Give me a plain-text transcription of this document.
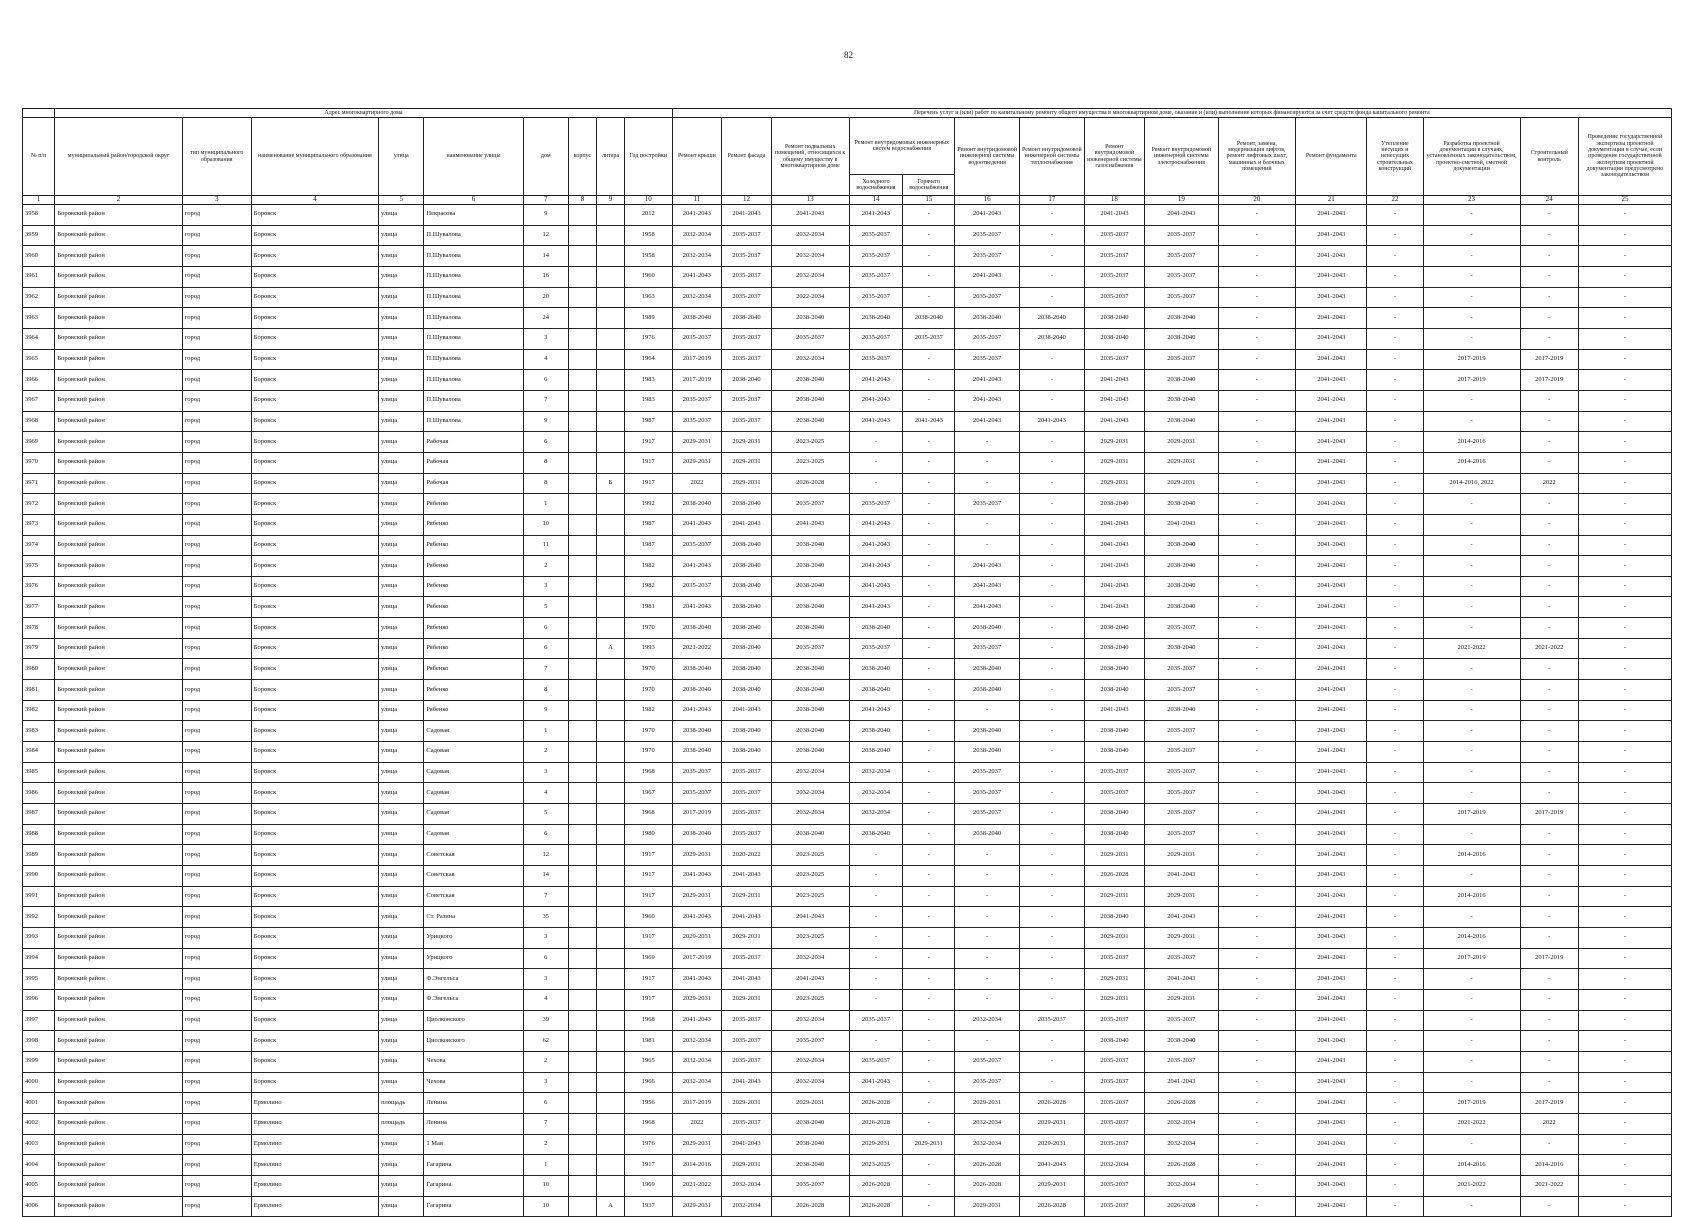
82
	Адрес многоквартирного дома									Перечень услуг и (или) работ по капитальному ремонту общего имущества в многоквартирном доме, оказание и (или) выполнение которых финансируются за счет средств фонда капитального ремонта														
№ п/п	муниципальный район/городской округ	тип муниципального образования	наименование муниципального образования	улица	наименование улицы	дом	корпус	литера	Год постройки	Ремонт крыши	Ремонт фасада	Ремонт подвальных помещений, относящихся к общему имуществу в многоквартирном доме	Ремонт внутридомовых инженерных систем водоснабжения		Ремонт внутридомовой инженерной системы водоотведения	Ремонт внутридомовой инженерной системы теплоснабжения	Ремонт внутридомовой инженерной системы газоснабжения	Ремонт внутридомовой инженерной системы электроснабжения	Ремонт, замена, модернизация лифтов, ремонт лифтовых шахт, машинных и блочных помещений	Ремонт фундамента	Утепление несущих и ненесущих строительных конструкций	Разработка проектной документации в случаях, установленных законодательством, проектно-сметной, сметной документации	Строительный контроль	Проведение государственной экспертизы проектной документации в случае, если проведение государственной экспертизы проектной документации предусмотрено законодательством
													Холодного водоснабжения	Горячего водоснабжения										
1	2	3	4	5	6	7	8	9	10	11	12	13	14	15	16	17	18	19	20	21	22	23	24	25
3958	Боровский район	город	Боровск	улица	Некрасова	9			2012	2041-2043	2041-2043	2041-2043	2041-2043	-	2041-2043	-	2041-2043	2041-2043	-	2041-2043	-	-	-	-
3959	Боровский район	город	Боровск	улица	П.Шувалова	12			1958	2032-2034	2035-2037	2032-2034	2035-2037	-	2035-2037	-	2035-2037	2035-2037	-	2041-2043	-	-	-	-
3960	Боровский район	город	Боровск	улица	П.Шувалова	14			1958	2032-2034	2035-2037	2032-2034	2035-2037	-	2035-2037	-	2035-2037	2035-2037	-	2041-2043	-	-	-	-
3961	Боровский район	город	Боровск	улица	П.Шувалова	16			1960	2041-2043	2035-2037	2032-2034	2035-2037	-	2041-2043	-	2035-2037	2035-2037	-	2041-2043	-	-	-	-
3962	Боровский район	город	Боровск	улица	П.Шувалова	20			1963	2032-2034	2035-2037	2022-2034	2035-2037	-	2035-2037	-	2035-2037	2035-2037	-	2041-2043	-	-	-	-
3963	Боровский район	город	Боровск	улица	П.Шувалова	24			1989	2038-2040	2038-2040	2038-2040	2038-2040	2038-2040	2038-2040	2038-2040	2038-2040	2038-2040	-	2041-2043	-	-	-	-
3964	Боровский район	город	Боровск	улица	П.Шувалова	3			1976	2035-2037	2035-2037	2035-2037	2035-2037	2035-2037	2035-2037	2038-2040	2038-2040	2038-2040	-	2041-2043	-	-	-	-
3965	Боровский район	город	Боровск	улица	П.Шувалова	4			1964	2017-2019	2035-2037	2032-2034	2035-2037	-	2035-2037	-	2035-2037	2035-2037	-	2041-2043	-	2017-2019	2017-2019	-
3966	Боровский район	город	Боровск	улица	П.Шувалова	6			1983	2017-2019	2038-2040	2038-2040	2041-2043	-	2041-2043	-	2041-2043	2038-2040	-	2041-2043	-	2017-2019	2017-2019	-
3967	Боровский район	город	Боровск	улица	П.Шувалова	7			1983	2035-2037	2035-2037	2038-2040	2041-2043	-	2041-2043	-	2041-2043	2038-2040	-	2041-2043	-	-	-	-
3968	Боровский район	город	Боровск	улица	П.Шувалова	9			1987	2035-2037	2035-2037	2038-2040	2041-2043	2041-2043	2041-2043	2041-2043	2041-2043	2038-2040	-	2041-2043	-	-	-	-
3969	Боровский район	город	Боровск	улица	Рабочая	6			1917	2029-2031	2029-2031	2023-2025	-	-	-	-	2029-2031	2029-2031	-	2041-2043	-	2014-2016	-	-
3970	Боровский район	город	Боровск	улица	Рабочая	8			1917	2029-2031	2029-2031	2023-2025	-	-	-	-	2029-2031	2029-2031	-	2041-2043	-	2014-2016	-	-
3971	Боровский район	город	Боровск	улица	Рабочая	8		Б	1917	2022	2029-2031	2026-2028	-	-	-	-	2029-2031	2029-2031	-	2041-2043	-	2014-2016, 2022	2022	-
3972	Боровский район	город	Боровск	улица	Рябенко	1			1992	2038-2040	2038-2040	2035-2037	2035-2037	-	2035-2037	-	2038-2040	2038-2040	-	2041-2043	-	-	-	-
3973	Боровский район	город	Боровск	улица	Рябенко	10			1987	2041-2043	2041-2043	2041-2043	2041-2043	-	-	-	2041-2043	2041-2043	-	2041-2043	-	-	-	-
3974	Боровский район	город	Боровск	улица	Рябенко	11			1987	2035-2037	2038-2040	2038-2040	2041-2043	-	-	-	2041-2043	2038-2040	-	2041-2043	-	-	-	-
3975	Боровский район	город	Боровск	улица	Рябенко	2			1982	2041-2043	2038-2040	2038-2040	2041-2043	-	2041-2043	-	2041-2043	2038-2040	-	2041-2043	-	-	-	-
3976	Боровский район	город	Боровск	улица	Рябенко	3			1982	2035-2037	2038-2040	2038-2040	2041-2043	-	2041-2043	-	2041-2043	2038-2040	-	2041-2043	-	-	-	-
3977	Боровский район	город	Боровск	улица	Рябенко	5			1981	2041-2043	2038-2040	2038-2040	2041-2043	-	2041-2043	-	2041-2043	2038-2040	-	2041-2043	-	-	-	-
3978	Боровский район	город	Боровск	улица	Рябенко	6			1970	2038-2040	2038-2040	2038-2040	2038-2040	-	2038-2040	-	2038-2040	2035-2037	-	2041-2043	-	-	-	-
3979	Боровский район	город	Боровск	улица	Рябенко	6		А	1993	2021-2022	2038-2040	2035-2037	2035-2037	-	2035-2037	-	2038-2040	2038-2040	-	2041-2043	-	2021-2022	2021-2022	-
3980	Боровский район	город	Боровск	улица	Рябенко	7			1970	2038-2040	2038-2040	2038-2040	2038-2040	-	2038-2040	-	2038-2040	2035-2037	-	2041-2043	-	-	-	-
3981	Боровский район	город	Боровск	улица	Рябенко	8			1970	2038-2040	2038-2040	2038-2040	2038-2040	-	2038-2040	-	2038-2040	2035-2037	-	2041-2043	-	-	-	-
3982	Боровский район	город	Боровск	улица	Рябенко	9			1982	2041-2043	2041-2043	2038-2040	2041-2043	-	-	-	2041-2043	2038-2040	-	2041-2043	-	-	-	-
3983	Боровский район	город	Боровск	улица	Садовая	1			1970	2038-2040	2038-2040	2038-2040	2038-2040	-	2038-2040	-	2038-2040	2035-2037	-	2041-2043	-	-	-	-
3984	Боровский район	город	Боровск	улица	Садовая	2			1970	2038-2040	2038-2040	2038-2040	2038-2040	-	2038-2040	-	2038-2040	2035-2037	-	2041-2043	-	-	-	-
3985	Боровский район	город	Боровск	улица	Садовая	3			1968	2035-2037	2035-2037	2032-2034	2032-2034	-	2035-2037	-	2035-2037	2035-2037	-	2041-2043	-	-	-	-
3986	Боровский район	город	Боровск	улица	Садовая	4			1967	2035-2037	2035-2037	2032-2034	2032-2034	-	2035-2037	-	2035-2037	2035-2037	-	2041-2043	-	-	-	-
3987	Боровский район	город	Боровск	улица	Садовая	5			1968	2017-2019	2035-2037	2032-2034	2032-2034	-	2035-2037	-	2038-2040	2035-2037	-	2041-2043	-	2017-2019	2017-2019	-
3988	Боровский район	город	Боровск	улица	Садовая	6			1980	2038-2040	2035-2037	2038-2040	2038-2040	-	2038-2040	-	2038-2040	2035-2037	-	2041-2043	-	-	-	-
3989	Боровский район	город	Боровск	улица	Советская	12			1917	2029-2031	2020-2022	2023-2025	-	-	-	-	2029-2031	2029-2031	-	2041-2043	-	2014-2016	-	-
3990	Боровский район	город	Боровск	улица	Советская	14			1917	2041-2043	2041-2043	2023-2025	-	-	-	-	2026-2028	2041-2043	-	2041-2043	-	-	-	-
3991	Боровский район	город	Боровск	улица	Советская	7			1917	2029-2031	2029-2031	2023-2025	-	-	-	-	2029-2031	2029-2031	-	2041-2043	-	2014-2016	-	-
3992	Боровский район	город	Боровск	улица	Ст. Разина	35			1960	2041-2043	2041-2043	2041-2043	-	-	-	-	2038-2040	2041-2043	-	2041-2043	-	-	-	-
3993	Боровский район	город	Боровск	улица	Урицкого	3			1917	2029-2031	2029-2031	2023-2025	-	-	-	-	2029-2031	2029-2031	-	2041-2043	-	2014-2016	-	-
3994	Боровский район	город	Боровск	улица	Урицкого	6			1969	2017-2019	2035-2037	2032-2034	-	-	-	-	2035-2037	2035-2037	-	2041-2043	-	2017-2019	2017-2019	-
3995	Боровский район	город	Боровск	улица	Ф.Энгельса	3			1917	2041-2043	2041-2043	2041-2043	-	-	-	-	2029-2031	2041-2043	-	2041-2043	-	-	-	-
3996	Боровский район	город	Боровск	улица	Ф.Энгельса	4			1917	2029-2031	2029-2031	2023-2025	-	-	-	-	2029-2031	2029-2031	-	2041-2043	-	-	-	-
3997	Боровский район	город	Боровск	улица	Циолковского	39			1968	2041-2043	2035-2037	2032-2034	2035-2037	-	2032-2034	2035-2037	2035-2037	2035-2037	-	2041-2043	-	-	-	-
3998	Боровский район	город	Боровск	улица	Циолковского	62			1981	2032-2034	2035-2037	2035-2037	-	-	-	-	2038-2040	2038-2040	-	2041-2043	-	-	-	-
3999	Боровский район	город	Боровск	улица	Чехова	2			1965	2032-2034	2035-2037	2032-2034	2035-2037	-	2035-2037	-	2035-2037	2035-2037	-	2041-2043	-	-	-	-
4000	Боровский район	город	Боровск	улица	Чехова	3			1966	2032-2034	2041-2043	2032-2034	2041-2043	-	2035-2037	-	2035-2037	2041-2043	-	2041-2043	-	-	-	-
4001	Боровский район	город	Ермолино	площадь	Ленина	6			1956	2017-2019	2029-2031	2029-2031	2026-2028	-	2029-2031	2026-2028	2035-2037	2026-2028	-	2041-2043	-	2017-2019	2017-2019	-
4002	Боровский район	город	Ермолино	площадь	Ленина	7			1968	2022	2035-2037	2038-2040	2026-2028	-	2032-2034	2029-2031	2035-2037	2032-2034	-	2041-2043	-	2021-2022	2022	-
4003	Боровский район	город	Ермолино	улица	1 Мая	2			1976	2029-2031	2041-2043	2038-2040	2029-2031	2029-2031	2032-2034	2029-2031	2035-2037	2032-2034	-	2041-2043	-	-	-	-
4004	Боровский район	город	Ермолино	улица	Гагарина	1			1917	2014-2016	2029-2031	2038-2040	2023-2025	-	2026-2028	2041-2043	2032-2034	2026-2028	-	2041-2043	-	2014-2016	2014-2016	-
4005	Боровский район	город	Ермолино	улица	Гагарина	10			1969	2021-2022	2032-2034	2035-2037	2026-2028	-	2026-2028	2029-2031	2035-2037	2032-2034	-	2041-2043	-	2021-2022	2021-2022	-
4006	Боровский район	город	Ермолино	улица	Гагарина	10		А	1937	2029-2031	2032-2034	2026-2028	2026-2028	-	2029-2031	2026-2028	2035-2037	2026-2028	-	2041-2043	-	-	-	-
